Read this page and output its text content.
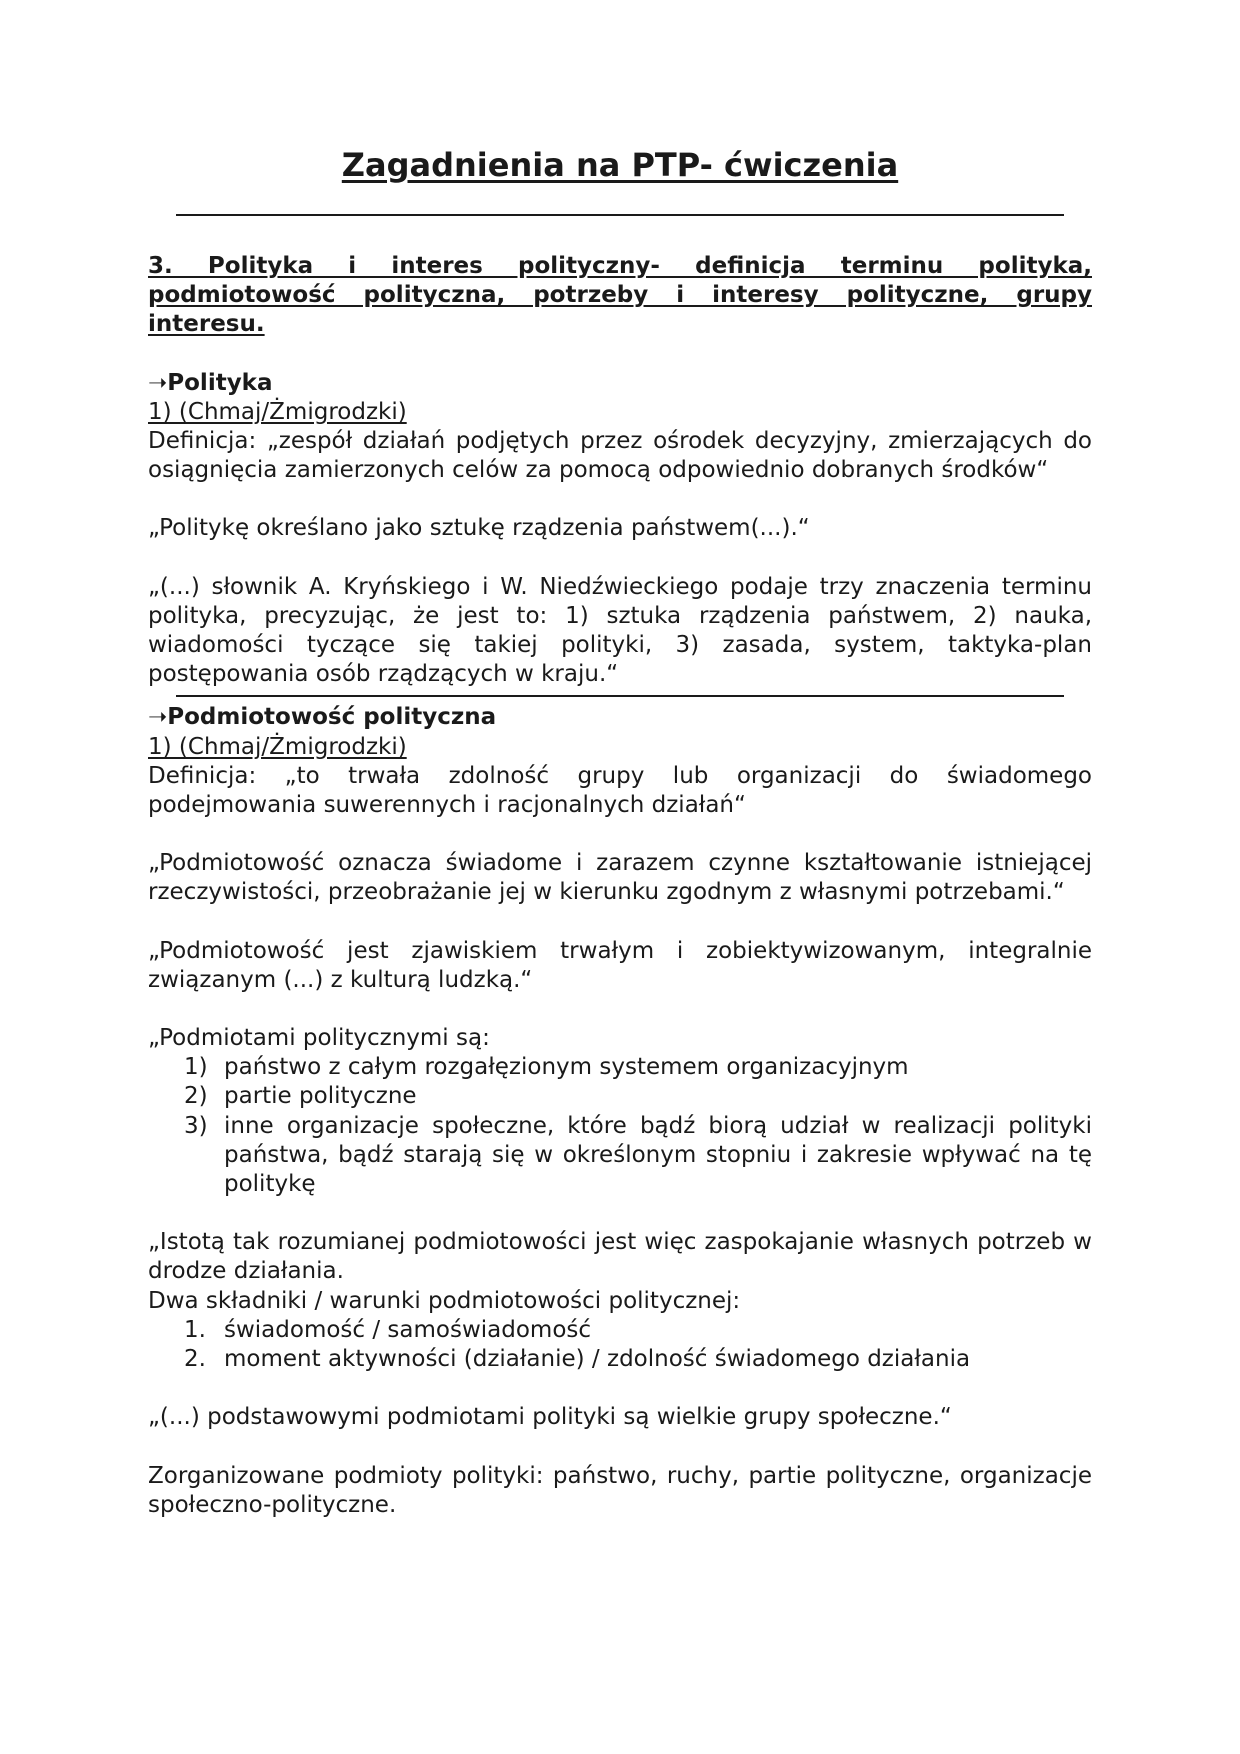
Zagadnienia na PTP- ćwiczenia

3. Polityka i interes polityczny- definicja terminu polityka, podmiotowość polityczna, potrzeby i interesy polityczne, grupy interesu.

➝Polityka

1) (Chmaj/Żmigrodzki)

Definicja: „zespół działań podjętych przez ośrodek decyzyjny, zmierzających do osiągnięcia zamierzonych celów za pomocą odpowiednio dobranych środków“

„Politykę określano jako sztukę rządzenia państwem(...).“

„(...) słownik A. Kryńskiego i W. Niedźwieckiego podaje trzy znaczenia terminu polityka, precyzując, że jest to: 1) sztuka rządzenia państwem, 2) nauka, wiadomości tyczące się takiej polityki, 3) zasada, system, taktyka-plan postępowania osób rządzących w kraju.“

➝Podmiotowość polityczna

1) (Chmaj/Żmigrodzki)

Definicja: „to trwała zdolność grupy lub organizacji do świadomego podejmowania suwerennych i racjonalnych działań“

„Podmiotowość oznacza świadome i zarazem czynne kształtowanie istniejącej rzeczywistości, przeobrażanie jej w kierunku zgodnym z własnymi potrzebami.“

„Podmiotowość jest zjawiskiem trwałym i zobiektywizowanym, integralnie związanym (...) z kulturą ludzką.“

„Podmiotami politycznymi są:

1) państwo z całym rozgałęzionym systemem organizacyjnym
2) partie polityczne
3) inne organizacje społeczne, które bądź biorą udział w realizacji polityki państwa, bądź starają się w określonym stopniu i zakresie wpływać na tę politykę

„Istotą tak rozumianej podmiotowości jest więc zaspokajanie własnych potrzeb w drodze działania.

Dwa składniki / warunki podmiotowości politycznej:

1. świadomość / samoświadomość
2. moment aktywności (działanie) / zdolność świadomego działania

„(...) podstawowymi podmiotami polityki są wielkie grupy społeczne.“

Zorganizowane podmioty polityki: państwo, ruchy, partie polityczne, organizacje społeczno-polityczne.
